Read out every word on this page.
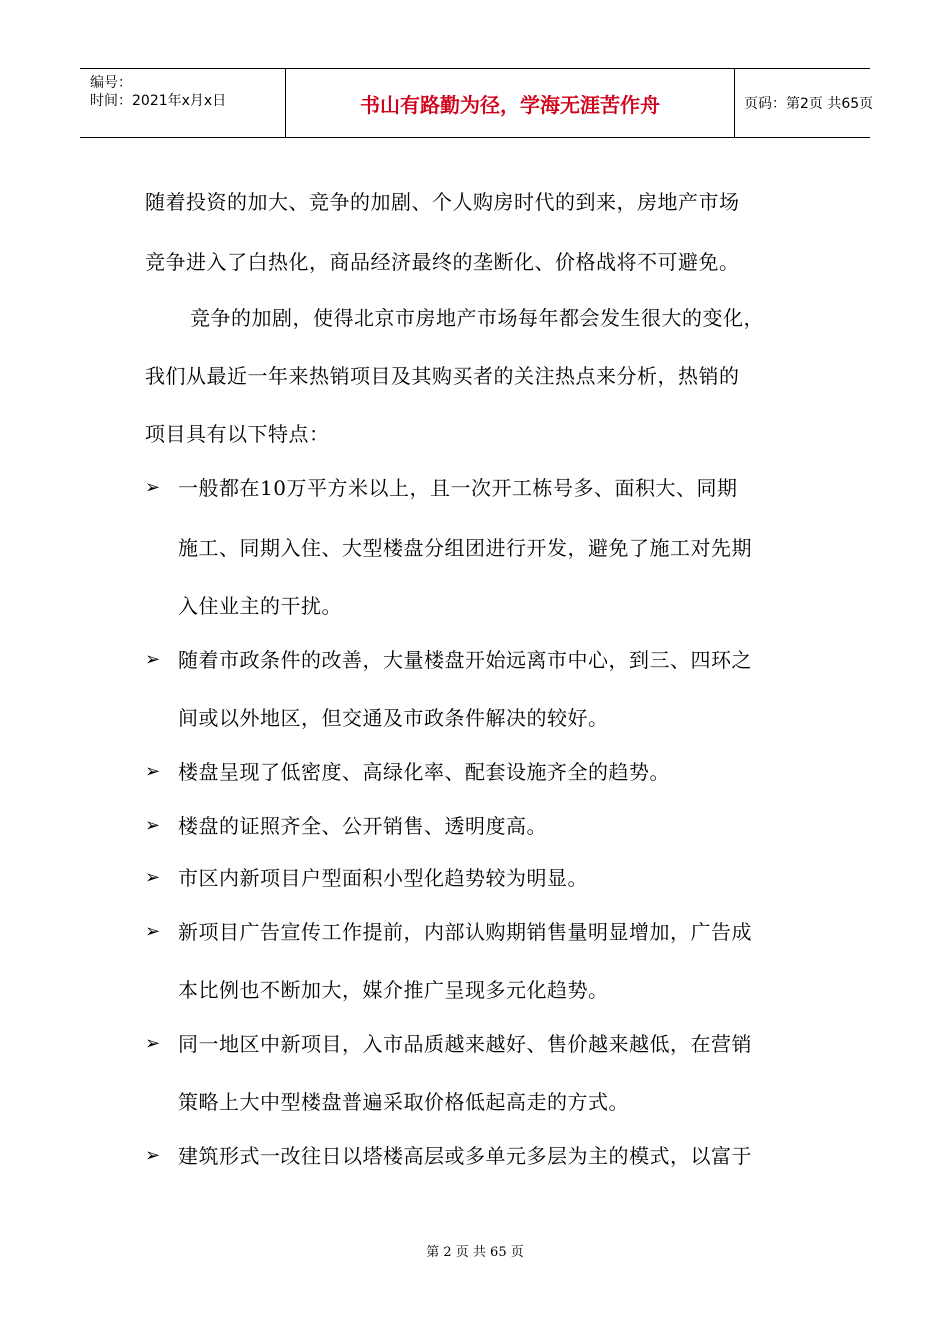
编号：
时间：2021年x月x日	书山有路勤为径，学海无涯苦作舟	页码：第2页 共65页
随着投资的加大、竞争的加剧、个人购房时代的到来，房地产市场
竞争进入了白热化，商品经济最终的垄断化、价格战将不可避免。
竞争的加剧，使得北京市房地产市场每年都会发生很大的变化，
我们从最近一年来热销项目及其购买者的关注热点来分析，热销的
项目具有以下特点：
➢ 一般都在10万平方米以上，且一次开工栋号多、面积大、同期
施工、同期入住、大型楼盘分组团进行开发，避免了施工对先期
入住业主的干扰。
➢ 随着市政条件的改善，大量楼盘开始远离市中心，到三、四环之
间或以外地区，但交通及市政条件解决的较好。
➢ 楼盘呈现了低密度、高绿化率、配套设施齐全的趋势。
➢ 楼盘的证照齐全、公开销售、透明度高。
➢ 市区内新项目户型面积小型化趋势较为明显。
➢ 新项目广告宣传工作提前，内部认购期销售量明显增加，广告成
本比例也不断加大，媒介推广呈现多元化趋势。
➢ 同一地区中新项目，入市品质越来越好、售价越来越低，在营销
策略上大中型楼盘普遍采取价格低起高走的方式。
➢ 建筑形式一改往日以塔楼高层或多单元多层为主的模式，以富于
第 2 页 共 65 页
